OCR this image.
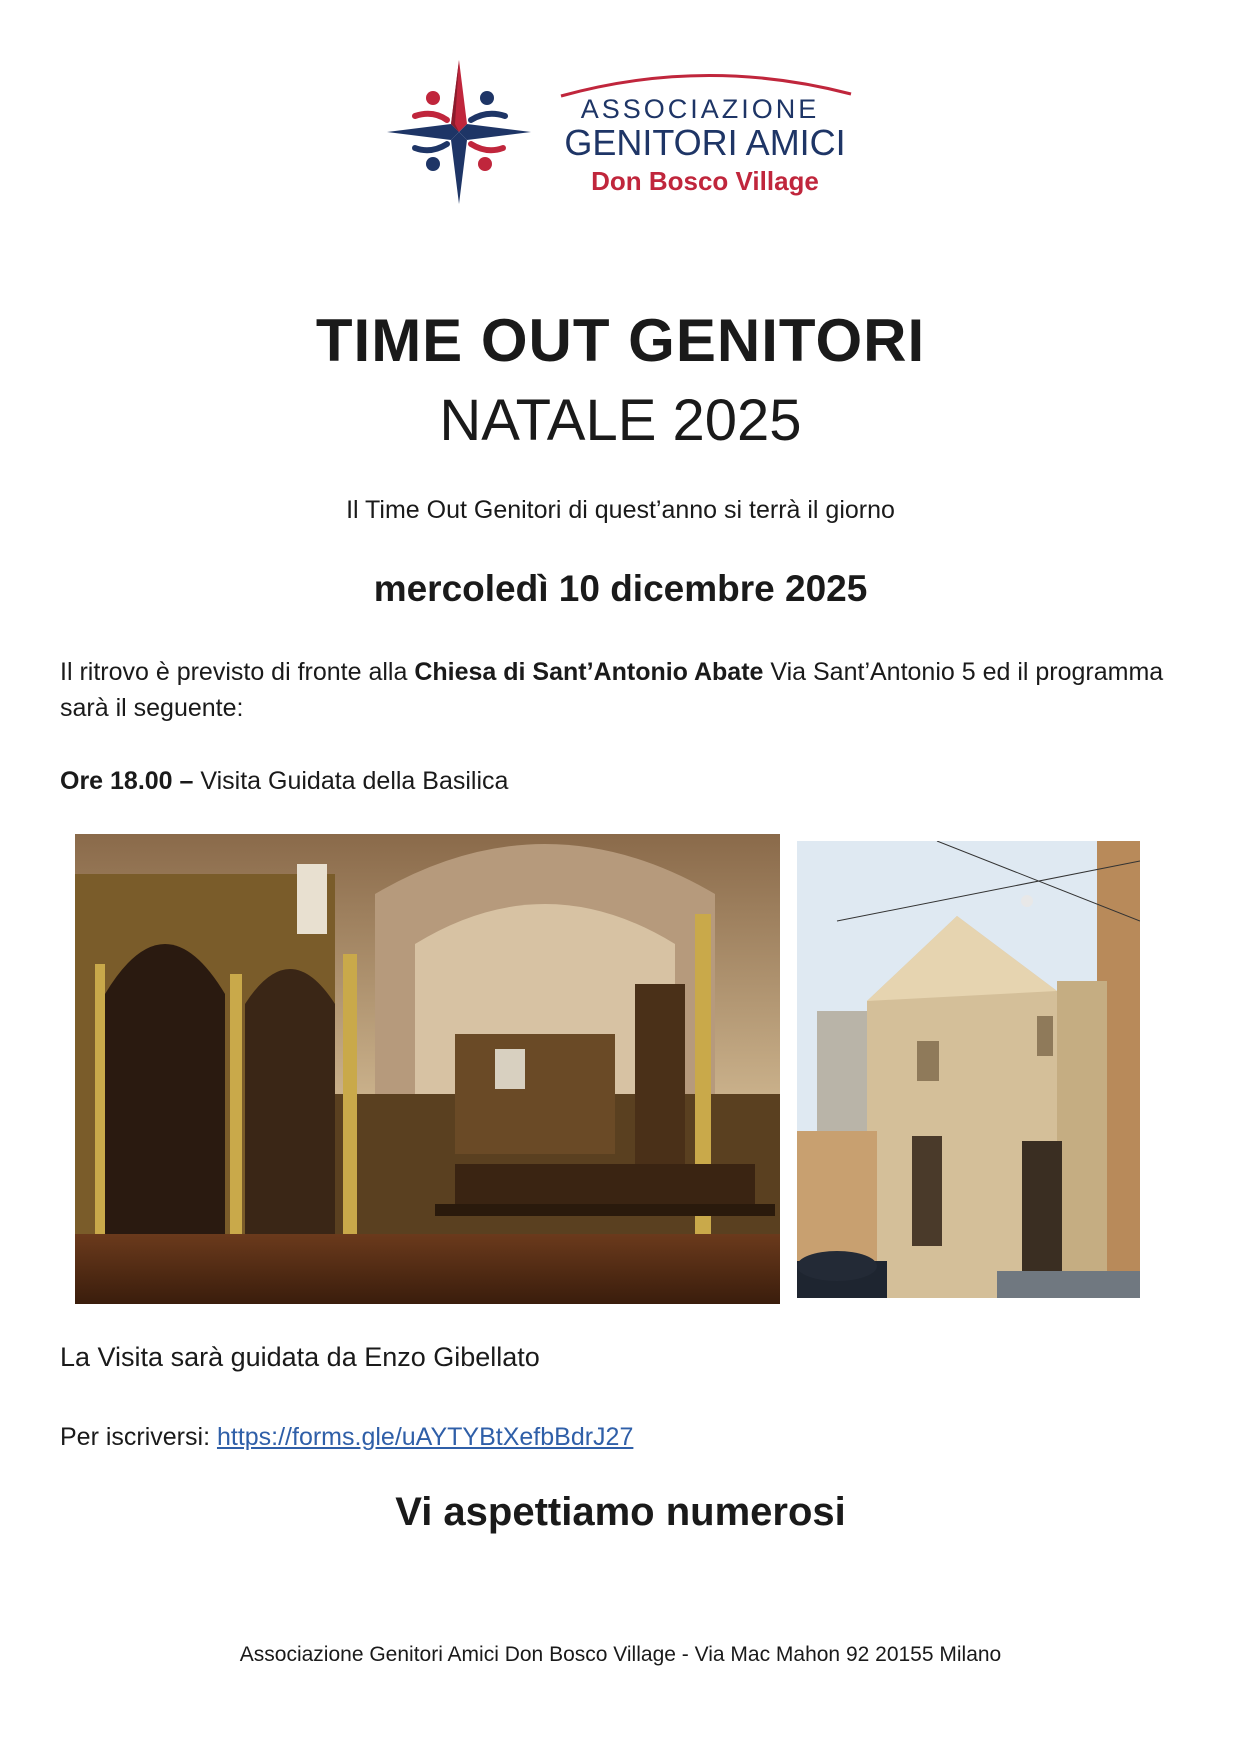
ASSOCIAZIONE
GENITORI AMICI
Don Bosco Village
TIME OUT GENITORI
NATALE 2025
Il Time Out Genitori di quest’anno si terrà il giorno
mercoledì 10 dicembre 2025
Il ritrovo è previsto di fronte alla Chiesa di Sant’Antonio Abate Via Sant’Antonio 5 ed il programma sarà il seguente:
Ore 18.00 – Visita Guidata della Basilica
La Visita sarà guidata da Enzo Gibellato
Per iscriversi: https://forms.gle/uAYTYBtXefbBdrJ27
Vi aspettiamo numerosi
Associazione Genitori Amici Don Bosco Village - Via Mac Mahon 92 20155 Milano
